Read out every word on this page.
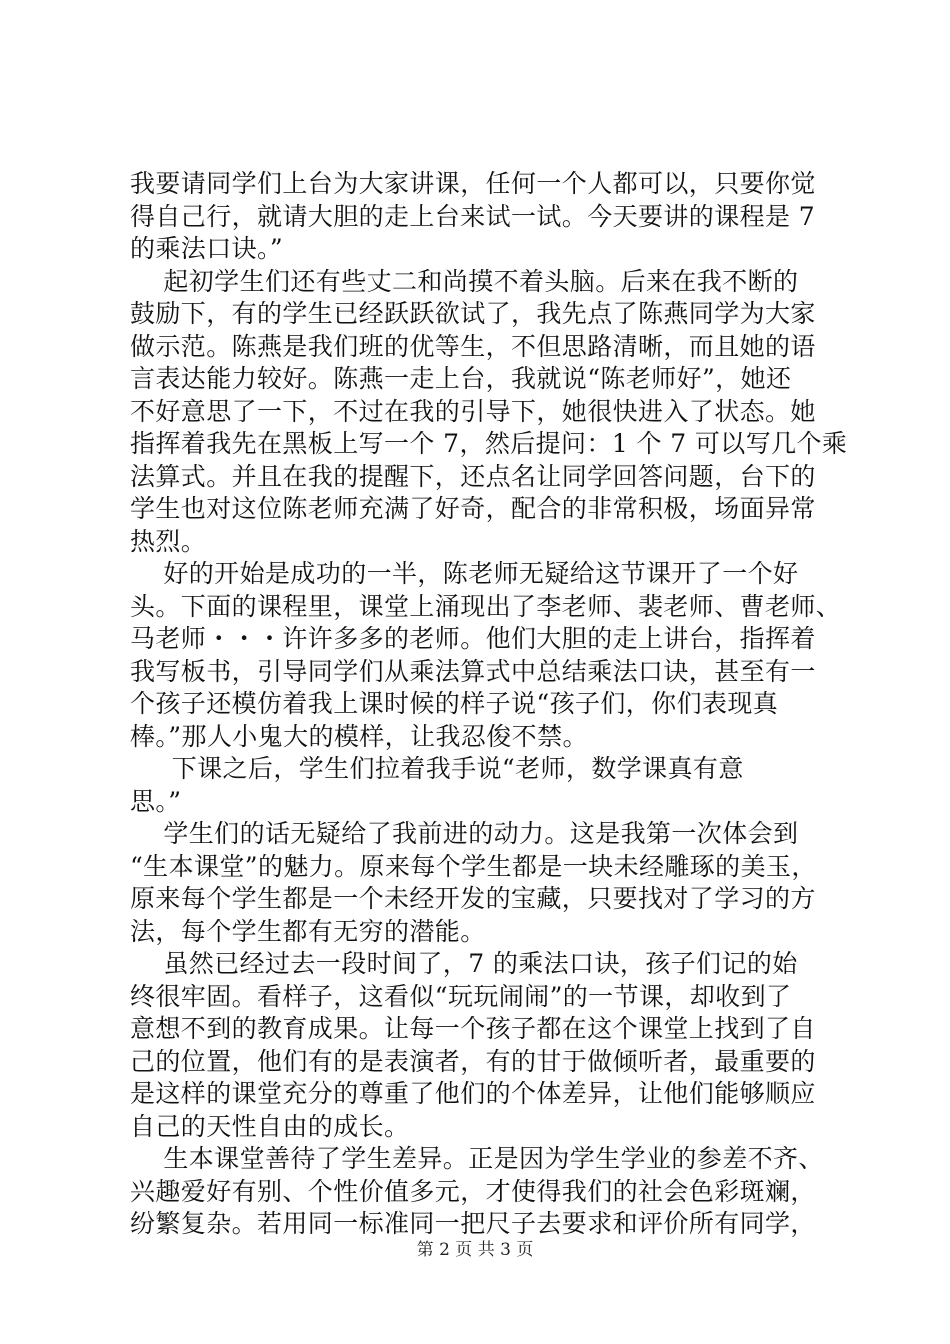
我要请同学们上台为大家讲课，任何一个人都可以，只要你觉
得自己行，就请大胆的走上台来试一试。今天要讲的课程是 7
的乘法口诀。”
起初学生们还有些丈二和尚摸不着头脑。后来在我不断的
鼓励下，有的学生已经跃跃欲试了，我先点了陈燕同学为大家
做示范。陈燕是我们班的优等生，不但思路清晰，而且她的语
言表达能力较好。陈燕一走上台，我就说“陈老师好”，她还
不好意思了一下，不过在我的引导下，她很快进入了状态。她
指挥着我先在黑板上写一个 7，然后提问：1 个 7 可以写几个乘
法算式。并且在我的提醒下，还点名让同学回答问题，台下的
学生也对这位陈老师充满了好奇，配合的非常积极，场面异常
热烈。
好的开始是成功的一半，陈老师无疑给这节课开了一个好
头。下面的课程里，课堂上涌现出了李老师、裴老师、曹老师、
马老师・・・许许多多的老师。他们大胆的走上讲台，指挥着
我写板书，引导同学们从乘法算式中总结乘法口诀，甚至有一
个孩子还模仿着我上课时候的样子说“孩子们，你们表现真
棒。”那人小鬼大的模样，让我忍俊不禁。
下课之后，学生们拉着我手说“老师，数学课真有意
思。”
学生们的话无疑给了我前进的动力。这是我第一次体会到
“生本课堂”的魅力。原来每个学生都是一块未经雕琢的美玉，
原来每个学生都是一个未经开发的宝藏，只要找对了学习的方
法，每个学生都有无穷的潜能。
虽然已经过去一段时间了，7 的乘法口诀，孩子们记的始
终很牢固。看样子，这看似“玩玩闹闹”的一节课，却收到了
意想不到的教育成果。让每一个孩子都在这个课堂上找到了自
己的位置，他们有的是表演者，有的甘于做倾听者，最重要的
是这样的课堂充分的尊重了他们的个体差异，让他们能够顺应
自己的天性自由的成长。
生本课堂善待了学生差异。正是因为学生学业的参差不齐、
兴趣爱好有别、个性价值多元，才使得我们的社会色彩斑斓，
纷繁复杂。若用同一标准同一把尺子去要求和评价所有同学，
第 2 页 共 3 页
